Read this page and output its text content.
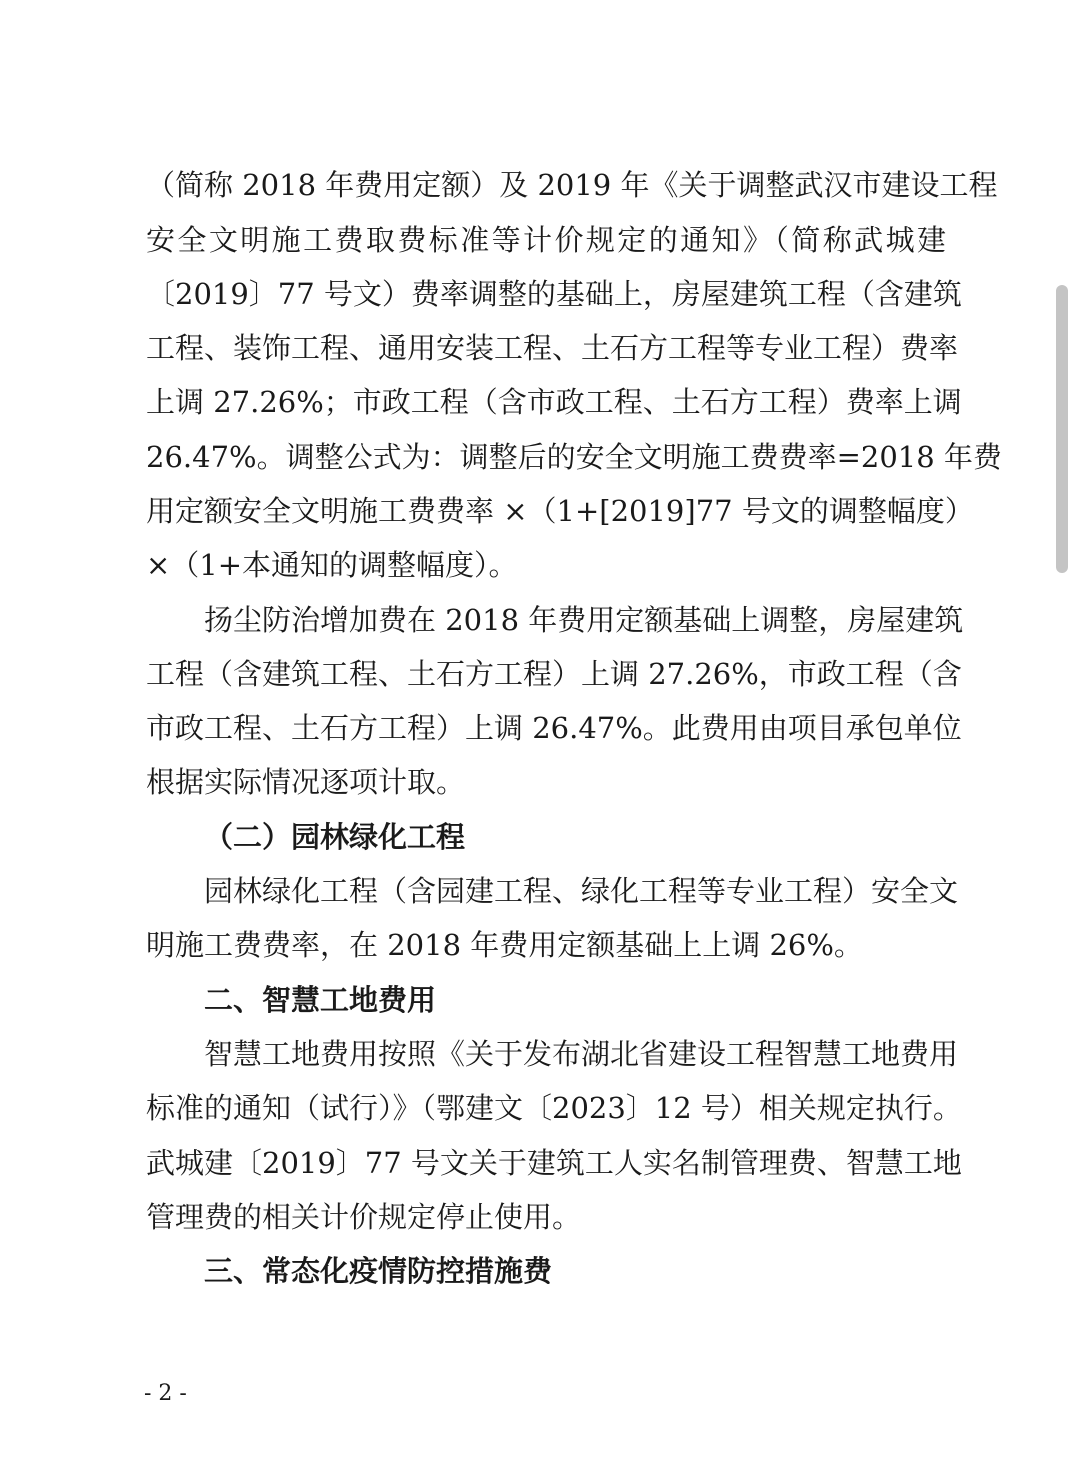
（简称 2018 年费用定额）及 2019 年《关于调整武汉市建设工程
安全文明施工费取费标准等计价规定的通知》（简称武城建
〔2019〕77 号文）费率调整的基础上，房屋建筑工程（含建筑
工程、装饰工程、通用安装工程、土石方工程等专业工程）费率
上调 27.26%；市政工程（含市政工程、土石方工程）费率上调
26.47%。调整公式为：调整后的安全文明施工费费率=2018 年费
用定额安全文明施工费费率 ×（1+[2019]77 号文的调整幅度）
×（1+本通知的调整幅度）。
扬尘防治增加费在 2018 年费用定额基础上调整，房屋建筑
工程（含建筑工程、土石方工程）上调 27.26%，市政工程（含
市政工程、土石方工程）上调 26.47%。此费用由项目承包单位
根据实际情况逐项计取。
（二）园林绿化工程
园林绿化工程（含园建工程、绿化工程等专业工程）安全文
明施工费费率，在 2018 年费用定额基础上上调 26%。
二、智慧工地费用
智慧工地费用按照《关于发布湖北省建设工程智慧工地费用
标准的通知（试行）》（鄂建文〔2023〕12 号）相关规定执行。
武城建〔2019〕77 号文关于建筑工人实名制管理费、智慧工地
管理费的相关计价规定停止使用。
三、常态化疫情防控措施费
- 2 -
